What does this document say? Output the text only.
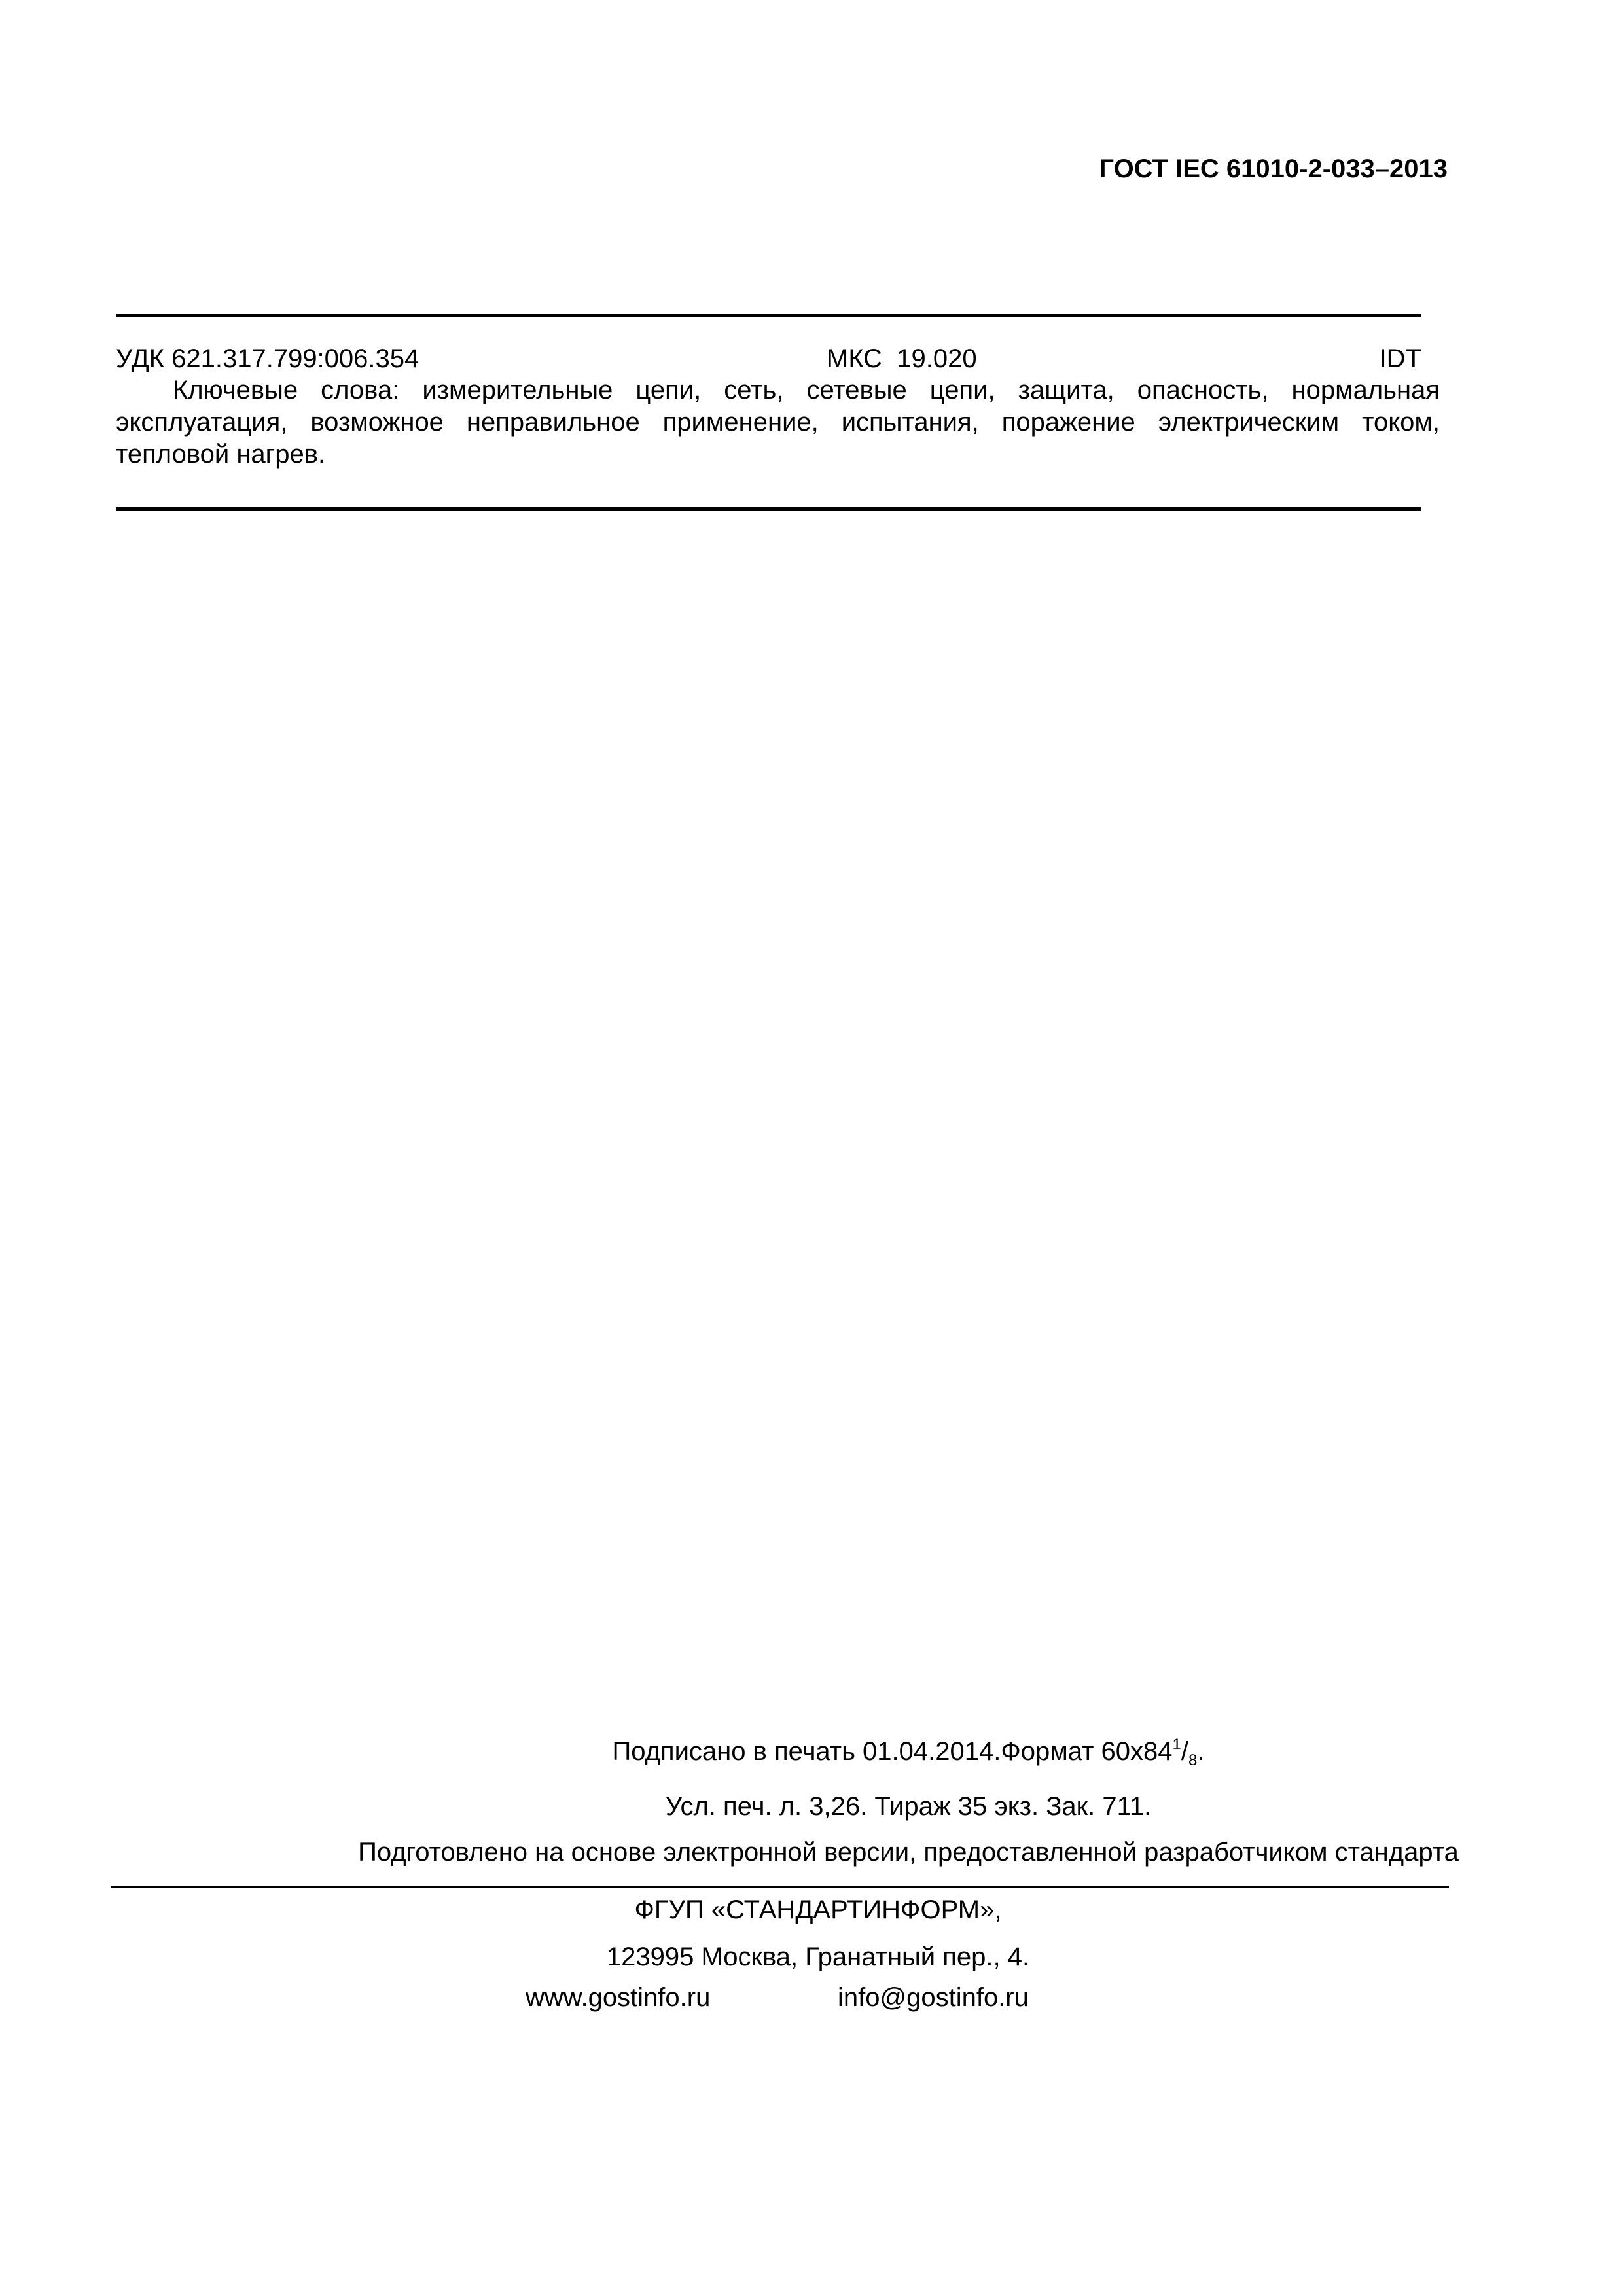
ГОСТ IEC 61010-2-033–2013
УДК 621.317.799:006.354	МКС  19.020	IDT

Ключевые слова: измерительные цепи, сеть, сетевые цепи, защита, опасность, нормальная эксплуатация, возможное неправильное применение, испытания, поражение электрическим током, тепловой нагрев.

Подписано в печать 01.04.2014.Формат $60x84^1/_8$.

Усл. печ. л. 3,26. Тираж 35 экз. Зак. 711.

Подготовлено на основе электронной версии, предоставленной разработчиком стандарта

ФГУП «СТАНДАРТИНФОРМ»,

123995 Москва, Гранатный пер., 4.

www.gostinfo.ru	info@gostinfo.ru
